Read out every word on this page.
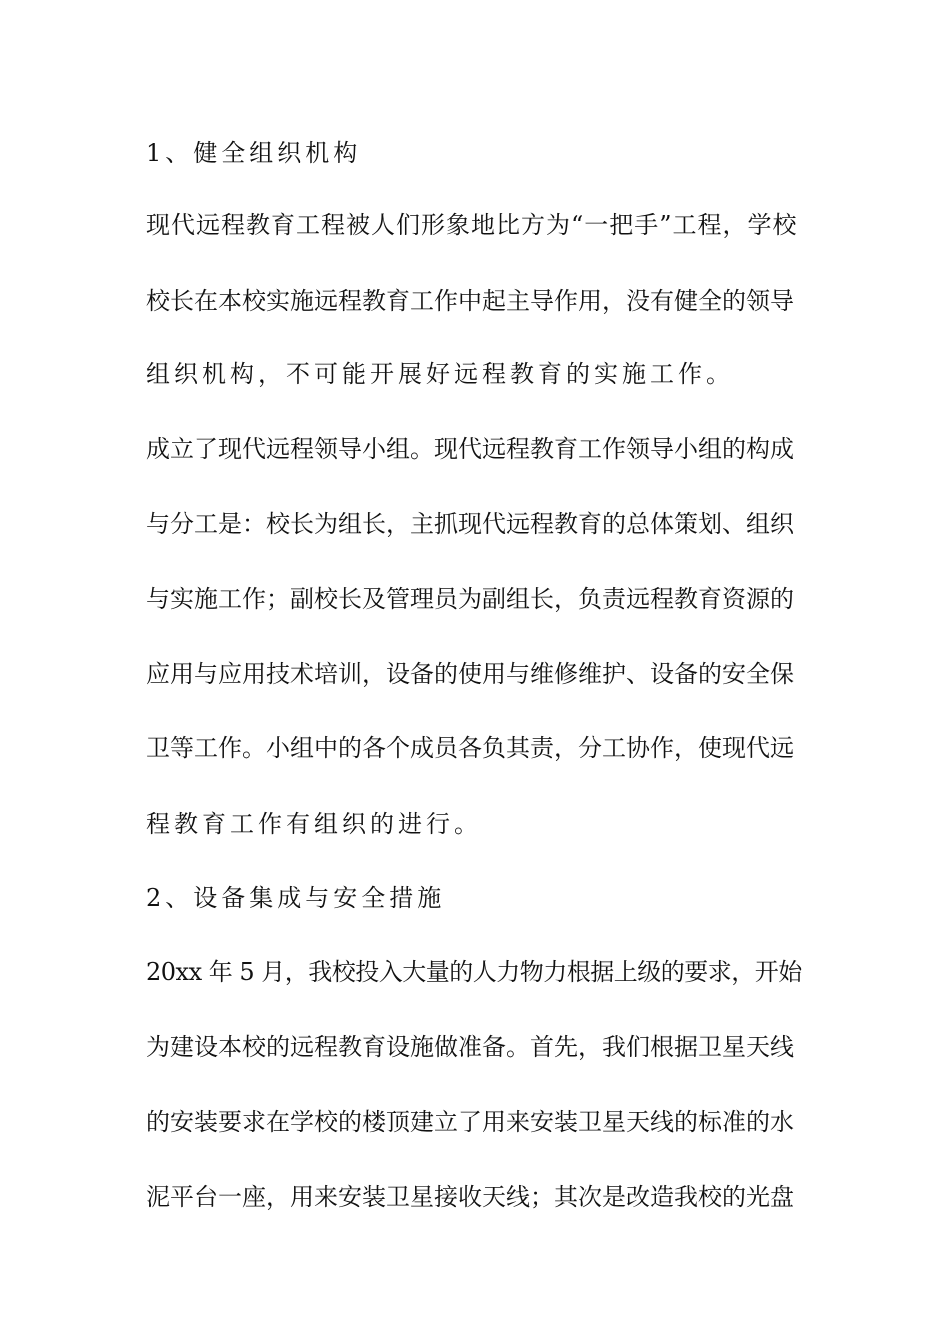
1、健全组织机构
现代远程教育工程被人们形象地比方为“一把手”工程，学校
校长在本校实施远程教育工作中起主导作用，没有健全的领导
组织机构，不可能开展好远程教育的实施工作。
成立了现代远程领导小组。现代远程教育工作领导小组的构成
与分工是：校长为组长，主抓现代远程教育的总体策划、组织
与实施工作；副校长及管理员为副组长，负责远程教育资源的
应用与应用技术培训，设备的使用与维修维护、设备的安全保
卫等工作。小组中的各个成员各负其责，分工协作，使现代远
程教育工作有组织的进行。
2、设备集成与安全措施
20xx 年 5 月，我校投入大量的人力物力根据上级的要求，开始
为建设本校的远程教育设施做准备。首先，我们根据卫星天线
的安装要求在学校的楼顶建立了用来安装卫星天线的标准的水
泥平台一座，用来安装卫星接收天线；其次是改造我校的光盘
